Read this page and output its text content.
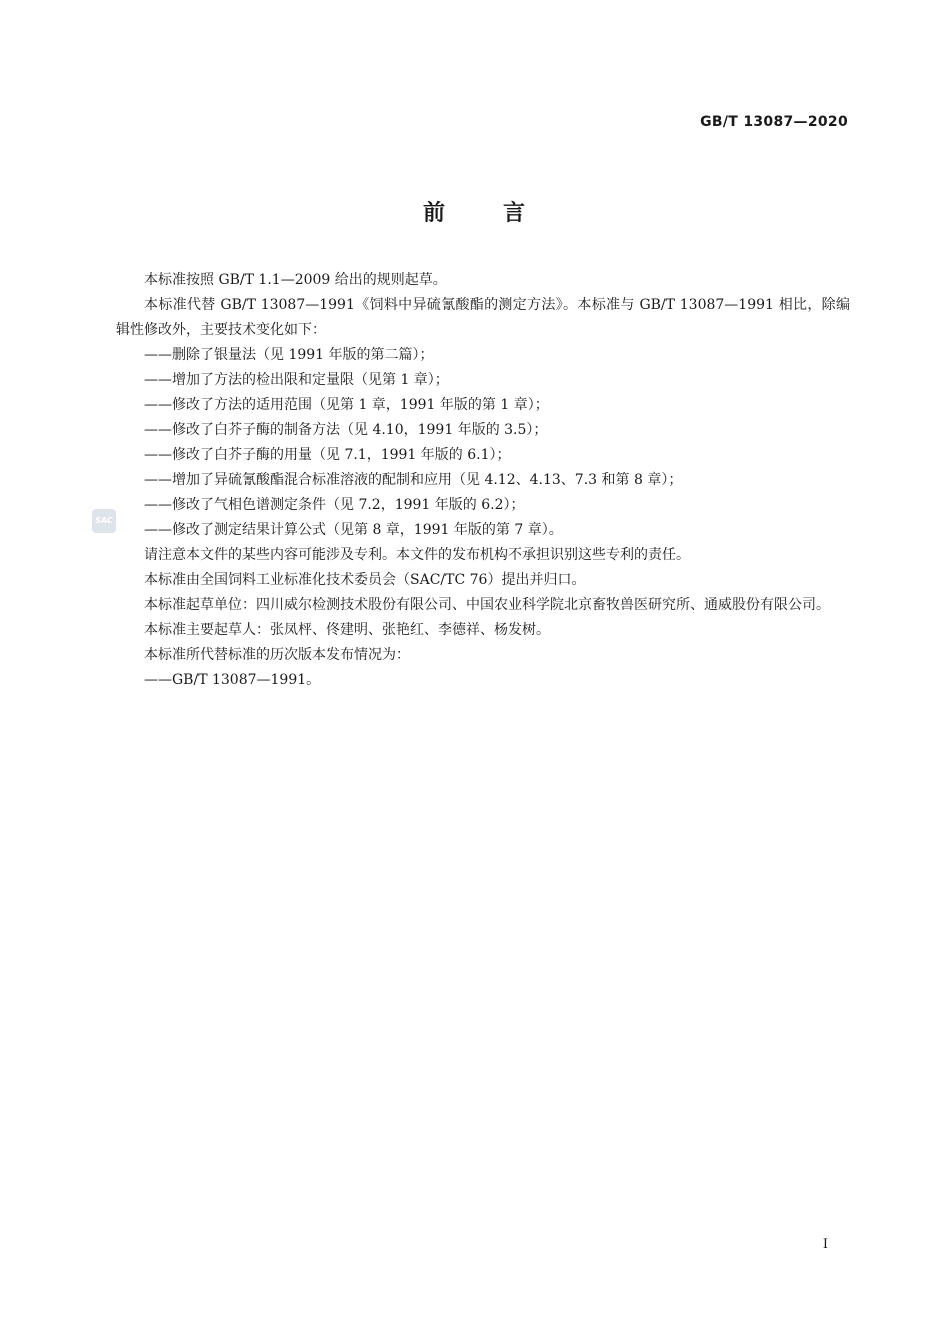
GB/T 13087—2020
前	言
SAC

本标准按照 GB/T 1.1—2009 给出的规则起草。

本标准代替 GB/T 13087—1991《饲料中异硫氰酸酯的测定方法》。本标准与 GB/T 13087—1991 相比，除编辑性修改外，主要技术变化如下：

——删除了银量法（见 1991 年版的第二篇）；

——增加了方法的检出限和定量限（见第 1 章）；

——修改了方法的适用范围（见第 1 章，1991 年版的第 1 章）；

——修改了白芥子酶的制备方法（见 4.10，1991 年版的 3.5）；

——修改了白芥子酶的用量（见 7.1，1991 年版的 6.1）；

——增加了异硫氰酸酯混合标准溶液的配制和应用（见 4.12、4.13、7.3 和第 8 章）；

——修改了气相色谱测定条件（见 7.2，1991 年版的 6.2）；

——修改了测定结果计算公式（见第 8 章，1991 年版的第 7 章）。

请注意本文件的某些内容可能涉及专利。本文件的发布机构不承担识别这些专利的责任。

本标准由全国饲料工业标准化技术委员会（SAC/TC 76）提出并归口。

本标准起草单位：四川威尔检测技术股份有限公司、中国农业科学院北京畜牧兽医研究所、通威股份有限公司。

本标准主要起草人：张凤枰、佟建明、张艳红、李德祥、杨发树。

本标准所代替标准的历次版本发布情况为：

——GB/T 13087—1991。

I
